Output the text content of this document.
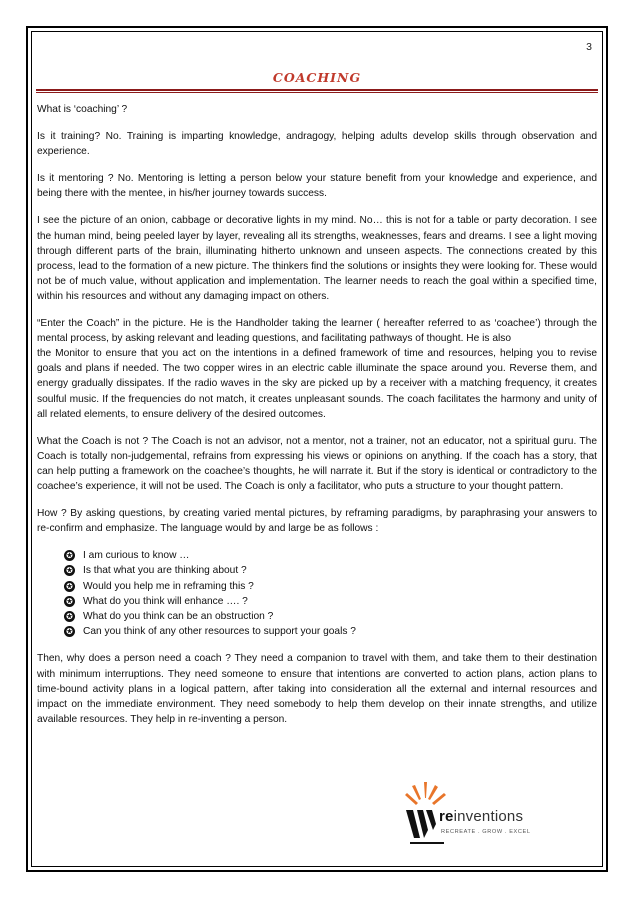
3
COACHING

What is ‘coaching’ ?

Is it training? No. Training is imparting knowledge, andragogy, helping adults develop skills through observation and experience.

Is it mentoring ? No. Mentoring is letting a person below your stature benefit from your knowledge and experience, and being there with the mentee, in his/her journey towards success.

I see the picture of an onion, cabbage or decorative lights in my mind. No… this is not for a table or party decoration. I see the human mind, being peeled layer by layer, revealing all its strengths, weaknesses, fears and dreams. I see a light moving through different parts of the brain, illuminating hitherto unknown and unseen aspects. The connections created by this process, lead to the formation of a new picture. The thinkers find the solutions or insights they were looking for. These would not be of much value, without application and implementation. The learner needs to reach the goal within a specified time, within his resources and without any damaging impact on others.

“Enter the Coach” in the picture. He is the Handholder taking the learner ( hereafter referred to as ‘coachee’) through the mental process, by asking relevant and leading questions, and facilitating pathways of thought. He is also

the Monitor to ensure that you act on the intentions in a defined framework of time and resources, helping you to revise goals and plans if needed. The two copper wires in an electric cable illuminate the space around you. Reverse them, and energy gradually dissipates. If the radio waves in the sky are picked up by a receiver with a matching frequency, it creates soulful music. If the frequencies do not match, it creates unpleasant sounds. The coach facilitates the harmony and unity of all related elements, to ensure delivery of the desired outcomes.

What the Coach is not ? The Coach is not an advisor, not a mentor, not a trainer, not an educator, not a spiritual guru. The Coach is totally non-judgemental, refrains from expressing his views or opinions on anything. If the coach has a story, that can help putting a framework on the coachee’s thoughts, he will narrate it. But if the story is identical or contradictory to the coachee’s experience, it will not be used. The Coach is only a facilitator, who puts a structure to your thought pattern.

How ? By asking questions, by creating varied mental pictures, by reframing paradigms, by paraphrasing your answers to re-confirm and emphasize. The language would by and large be as follows :

✪ I am curious to know …
✪ Is that what you are thinking about ?
✪ Would you help me in reframing this ?
✪ What do you think will enhance …. ?
✪ What do you think can be an obstruction ?
✪ Can you think of any other resources to support your goals ?

Then, why does a person need a coach ? They need a companion to travel with them, and take them to their destination with minimum interruptions. They need someone to ensure that intentions are converted to action plans, action plans to time-bound activity plans in a logical pattern, after taking into consideration all the external and internal resources and impact on the immediate environment. They need somebody to help them develop on their innate strengths, and utilize available resources. They help in re-inventing a person.

reinventions
RECREATE . GROW . EXCEL
